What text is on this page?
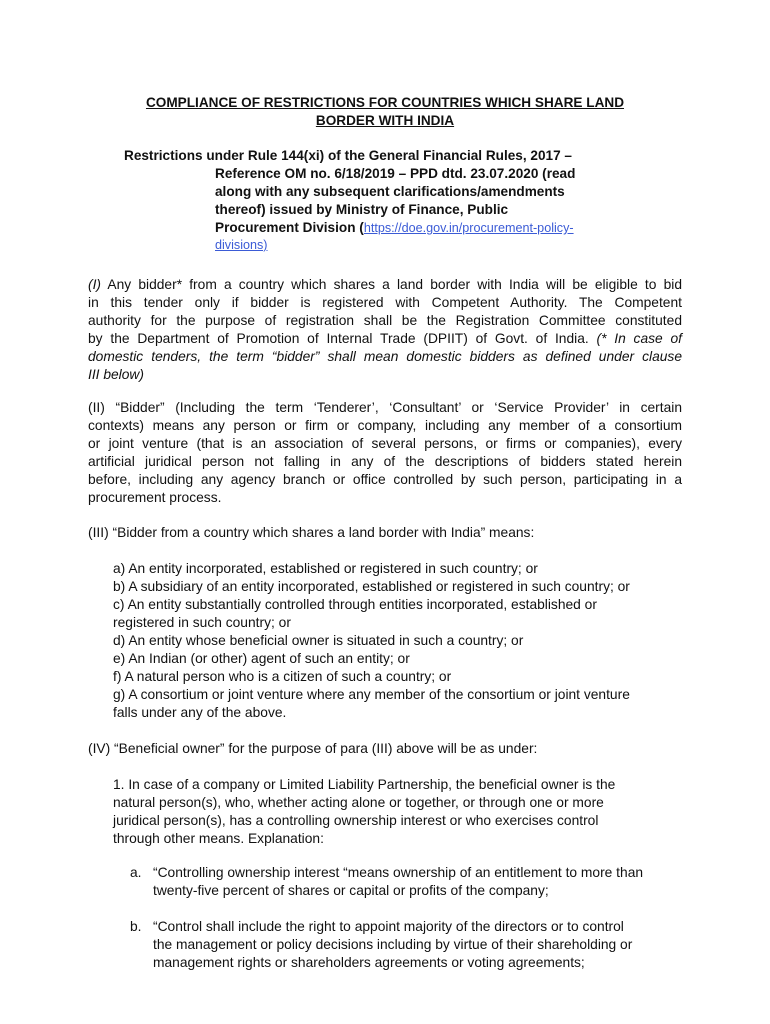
COMPLIANCE OF RESTRICTIONS FOR COUNTRIES WHICH SHARE LAND
BORDER WITH INDIA
Restrictions under Rule 144(xi) of the General Financial Rules, 2017 –
Reference OM no. 6/18/2019 – PPD dtd. 23.07.2020 (read
along with any subsequent clarifications/amendments
thereof) issued by Ministry of Finance, Public
Procurement Division (https://doe.gov.in/procurement-policy-
divisions)
(I) Any bidder* from a country which shares a land border with India will be eligible to bid
in this tender only if bidder is registered with Competent Authority. The Competent
authority for the purpose of registration shall be the Registration Committee constituted
by the Department of Promotion of Internal Trade (DPIIT) of Govt. of India. (* In case of
domestic tenders, the term “bidder” shall mean domestic bidders as defined under clause
III below)
(II) “Bidder” (Including the term ‘Tenderer’, ‘Consultant’ or ‘Service Provider’ in certain
contexts) means any person or firm or company, including any member of a consortium
or joint venture (that is an association of several persons, or firms or companies), every
artificial juridical person not falling in any of the descriptions of bidders stated herein
before, including any agency branch or office controlled by such person, participating in a
procurement process.
(III) “Bidder from a country which shares a land border with India” means:
a) An entity incorporated, established or registered in such country; or
b) A subsidiary of an entity incorporated, established or registered in such country; or
c) An entity substantially controlled through entities incorporated, established or
registered in such country; or
d) An entity whose beneficial owner is situated in such a country; or
e) An Indian (or other) agent of such an entity; or
f) A natural person who is a citizen of such a country; or
g) A consortium or joint venture where any member of the consortium or joint venture
falls under any of the above.
(IV) “Beneficial owner” for the purpose of para (III) above will be as under:
1. In case of a company or Limited Liability Partnership, the beneficial owner is the
natural person(s), who, whether acting alone or together, or through one or more
juridical person(s), has a controlling ownership interest or who exercises control
through other means. Explanation:
a. “Controlling ownership interest “means ownership of an entitlement to more than
twenty-five percent of shares or capital or profits of the company;
b. “Control shall include the right to appoint majority of the directors or to control
the management or policy decisions including by virtue of their shareholding or
management rights or shareholders agreements or voting agreements;
